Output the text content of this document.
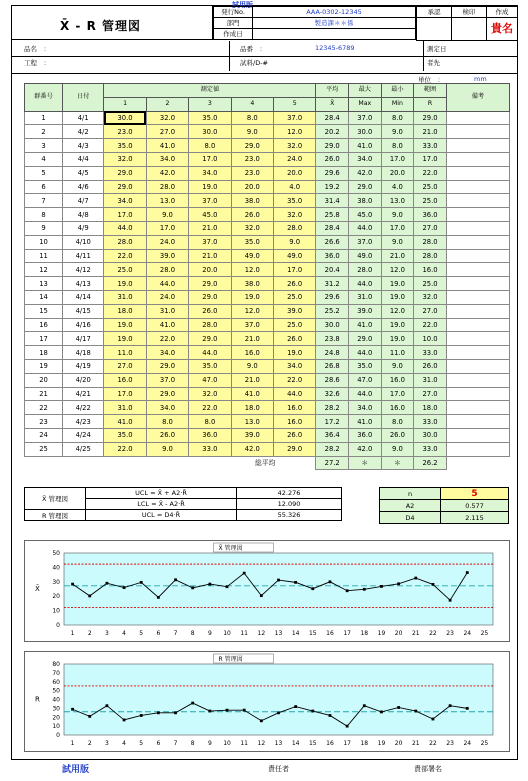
試用版
X̄ - R 管理図
発行No.	AAA-0302-12345
部門	製造課＊＊係
作成日	
承認	検印	作成
		貴名
品名　：	品番　：	12345-6789	測定日
工程　：	試料/D-#	者先
単位　：	mm
群番号	日付	測定値					平均	最大	最小	範囲	備考
		1	2	3	4	5	X̄	Max	Min	R	
1	4/1	30.0	32.0	35.0	8.0	37.0	28.4	37.0	8.0	29.0	
2	4/2	23.0	27.0	30.0	9.0	12.0	20.2	30.0	9.0	21.0	
3	4/3	35.0	41.0	8.0	29.0	32.0	29.0	41.0	8.0	33.0	
4	4/4	32.0	34.0	17.0	23.0	24.0	26.0	34.0	17.0	17.0	
5	4/5	29.0	42.0	34.0	23.0	20.0	29.6	42.0	20.0	22.0	
6	4/6	29.0	28.0	19.0	20.0	4.0	19.2	29.0	4.0	25.0	
7	4/7	34.0	13.0	37.0	38.0	35.0	31.4	38.0	13.0	25.0	
8	4/8	17.0	9.0	45.0	26.0	32.0	25.8	45.0	9.0	36.0	
9	4/9	44.0	17.0	21.0	32.0	28.0	28.4	44.0	17.0	27.0	
10	4/10	28.0	24.0	37.0	35.0	9.0	26.6	37.0	9.0	28.0	
11	4/11	22.0	39.0	21.0	49.0	49.0	36.0	49.0	21.0	28.0	
12	4/12	25.0	28.0	20.0	12.0	17.0	20.4	28.0	12.0	16.0	
13	4/13	19.0	44.0	29.0	38.0	26.0	31.2	44.0	19.0	25.0	
14	4/14	31.0	24.0	29.0	19.0	25.0	29.6	31.0	19.0	32.0	
15	4/15	18.0	31.0	26.0	12.0	39.0	25.2	39.0	12.0	27.0	
16	4/16	19.0	41.0	28.0	37.0	25.0	30.0	41.0	19.0	22.0	
17	4/17	19.0	22.0	29.0	21.0	26.0	23.8	29.0	19.0	10.0	
18	4/18	11.0	34.0	44.0	16.0	19.0	24.8	44.0	11.0	33.0	
19	4/19	27.0	29.0	35.0	9.0	34.0	26.8	35.0	9.0	26.0	
20	4/20	16.0	37.0	47.0	21.0	22.0	28.6	47.0	16.0	31.0	
21	4/21	17.0	29.0	32.0	41.0	44.0	32.6	44.0	17.0	27.0	
22	4/22	31.0	34.0	22.0	18.0	16.0	28.2	34.0	16.0	18.0	
23	4/23	41.0	8.0	8.0	13.0	16.0	17.2	41.0	8.0	33.0	
24	4/24	35.0	26.0	36.0	39.0	26.0	36.4	36.0	26.0	30.0	
25	4/25	22.0	9.0	33.0	42.0	29.0	28.2	42.0	9.0	33.0	
				総平均			27.2	＊	＊	26.2	
X̄ 管理図	UCL = X̄ + A2·R̄	42.276
	LCL = X̄ - A2·R̄	12.090
R 管理図	UCL = D4·R̄	55.326
n	5
A2	0.577
D4	2.115
X̄ 管理図
0
10
20
30
40
50
X̄
1 2 3 4 5 6 7 8 9 10 11 12 13 14 15 16 17 18 19 20 21 22 23 24 25
R 管理図
0
10
20
30
40
50
60
70
80
R
1 2 3 4 5 6 7 8 9 10 11 12 13 14 15 16 17 18 19 20 21 22 23 24 25
試用版	責任者	責部署名
